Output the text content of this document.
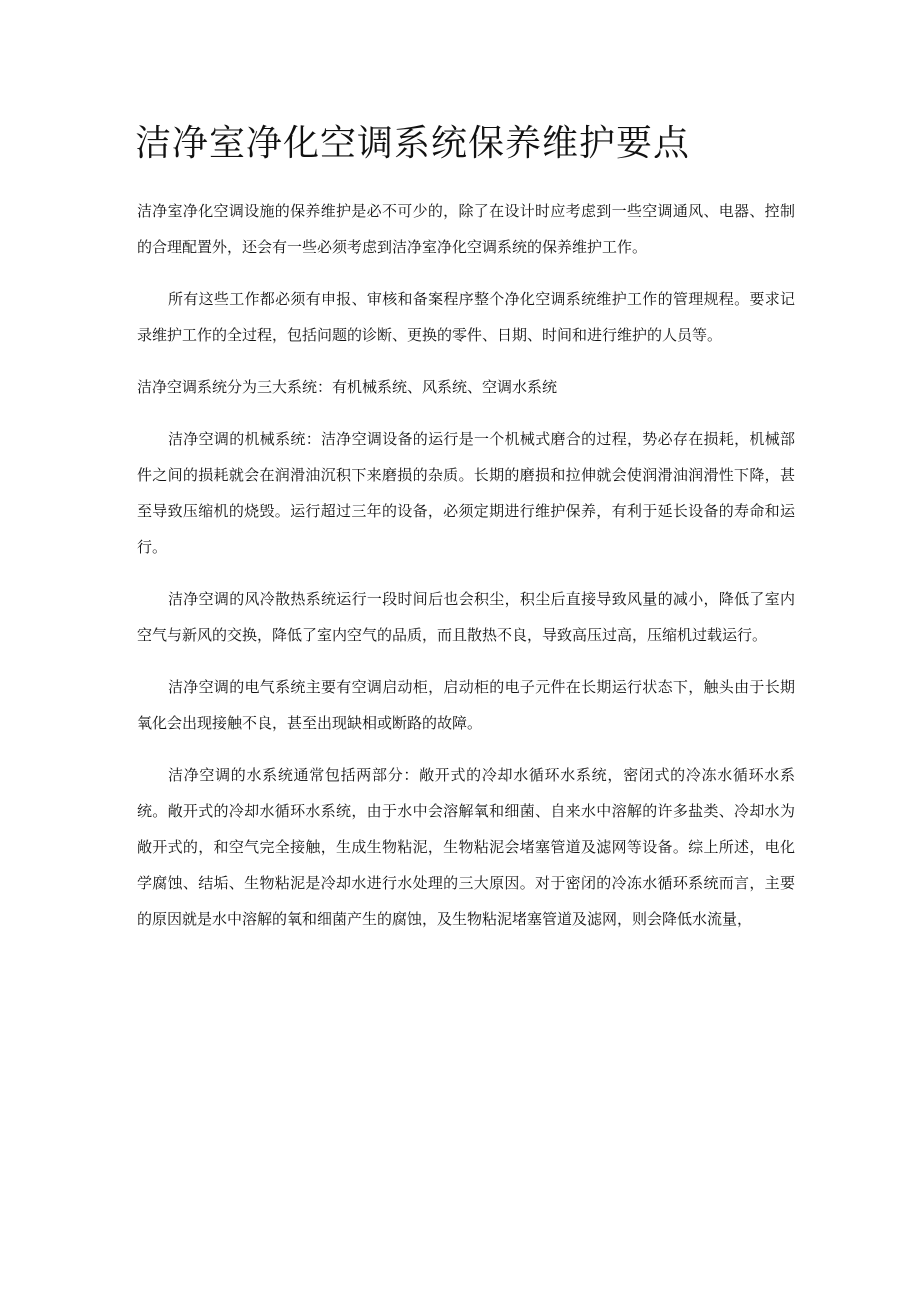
洁净室净化空调系统保养维护要点

洁净室净化空调设施的保养维护是必不可少的，除了在设计时应考虑到一些空调通风、电器、控制的合理配置外，还会有一些必须考虑到洁净室净化空调系统的保养维护工作。

所有这些工作都必须有申报、审核和备案程序整个净化空调系统维护工作的管理规程。要求记录维护工作的全过程，包括问题的诊断、更换的零件、日期、时间和进行维护的人员等。

洁净空调系统分为三大系统：有机械系统、风系统、空调水系统

洁净空调的机械系统：洁净空调设备的运行是一个机械式磨合的过程，势必存在损耗，机械部件之间的损耗就会在润滑油沉积下来磨损的杂质。长期的磨损和拉伸就会使润滑油润滑性下降，甚至导致压缩机的烧毁。运行超过三年的设备，必须定期进行维护保养，有利于延长设备的寿命和运行。

洁净空调的风冷散热系统运行一段时间后也会积尘，积尘后直接导致风量的减小，降低了室内空气与新风的交换，降低了室内空气的品质，而且散热不良，导致高压过高，压缩机过载运行。

洁净空调的电气系统主要有空调启动柜，启动柜的电子元件在长期运行状态下，触头由于长期氧化会出现接触不良，甚至出现缺相或断路的故障。

洁净空调的水系统通常包括两部分：敞开式的冷却水循环水系统，密闭式的冷冻水循环水系统。敞开式的冷却水循环水系统，由于水中会溶解氧和细菌、自来水中溶解的许多盐类、冷却水为敞开式的，和空气完全接触，生成生物粘泥，生物粘泥会堵塞管道及滤网等设备。综上所述，电化学腐蚀、结垢、生物粘泥是冷却水进行水处理的三大原因。对于密闭的冷冻水循环系统而言，主要的原因就是水中溶解的氧和细菌产生的腐蚀，及生物粘泥堵塞管道及滤网，则会降低水流量，
